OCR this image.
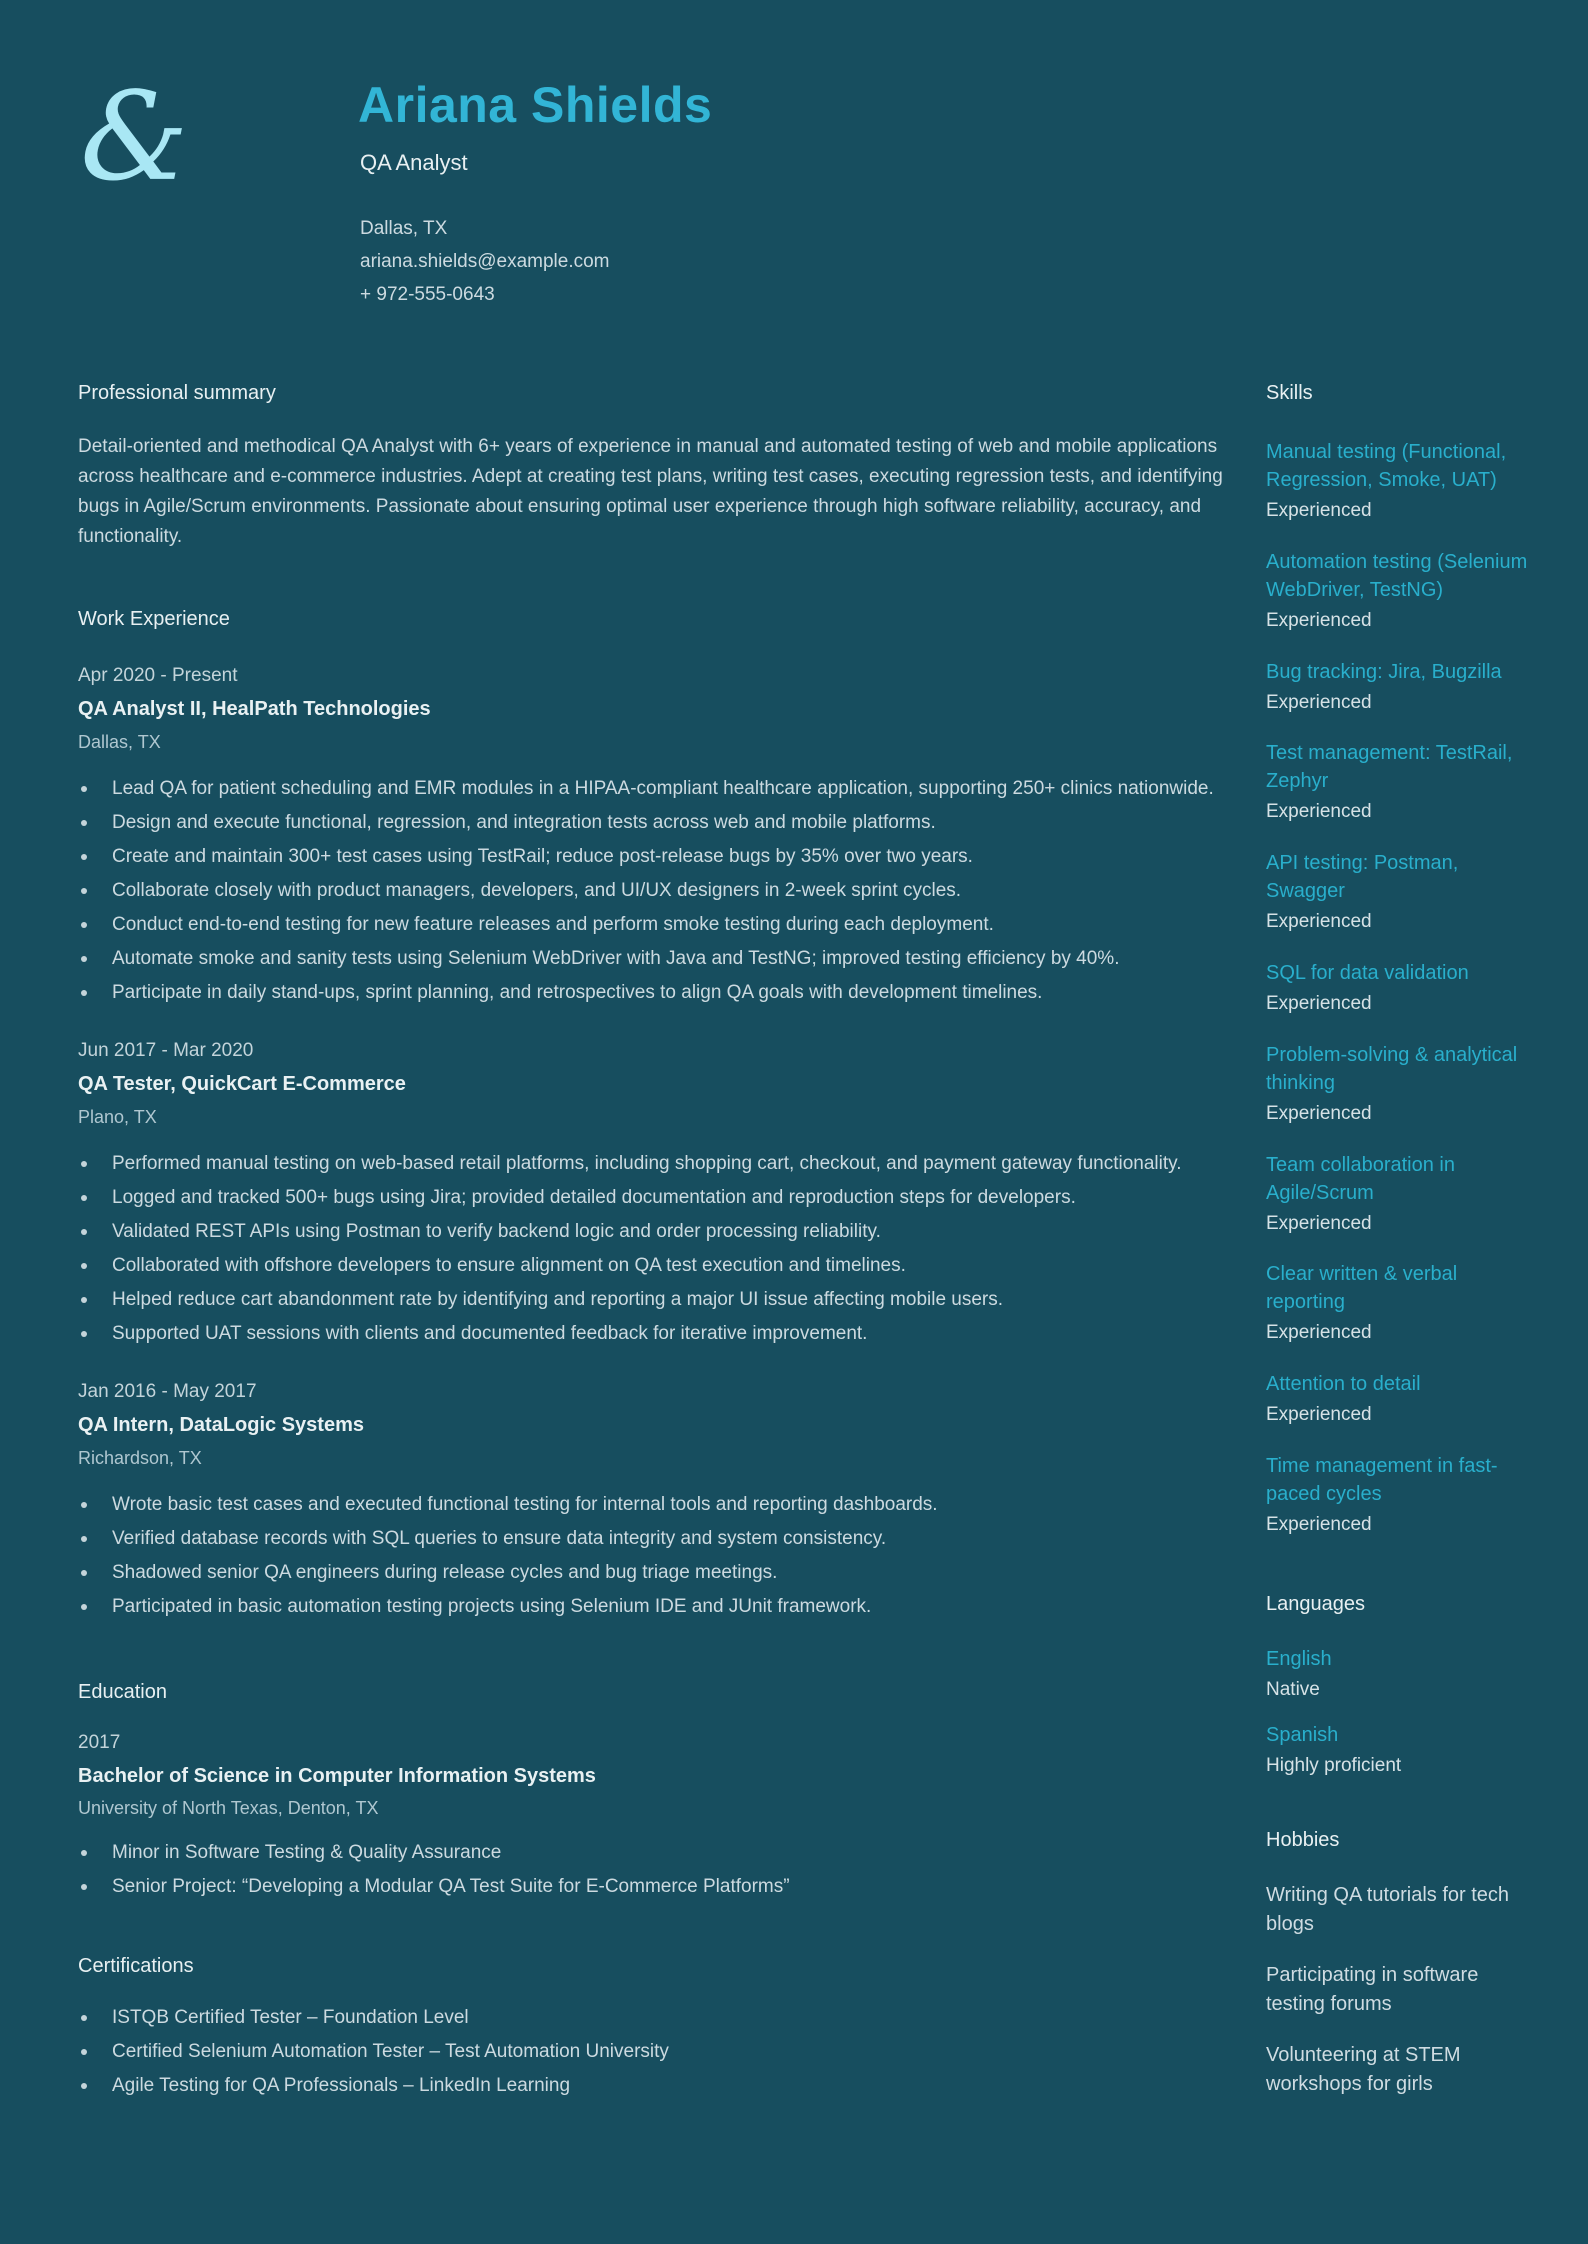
&	Ariana Shields
QA Analyst
Dallas, TX
ariana.shields@example.com
+ 972-555-0643
Professional summary

Detail-oriented and methodical QA Analyst with 6+ years of experience in manual and automated testing of web and mobile applications across healthcare and e-commerce industries. Adept at creating test plans, writing test cases, executing regression tests, and identifying bugs in Agile/Scrum environments. Passionate about ensuring optimal user experience through high software reliability, accuracy, and functionality.

Work Experience
Apr 2020 - Present
QA Analyst II, HealPath Technologies
Dallas, TX
Lead QA for patient scheduling and EMR modules in a HIPAA-compliant healthcare application, supporting 250+ clinics nationwide.
Design and execute functional, regression, and integration tests across web and mobile platforms.
Create and maintain 300+ test cases using TestRail; reduce post-release bugs by 35% over two years.
Collaborate closely with product managers, developers, and UI/UX designers in 2-week sprint cycles.
Conduct end-to-end testing for new feature releases and perform smoke testing during each deployment.
Automate smoke and sanity tests using Selenium WebDriver with Java and TestNG; improved testing efficiency by 40%.
Participate in daily stand-ups, sprint planning, and retrospectives to align QA goals with development timelines.
Jun 2017 - Mar 2020
QA Tester, QuickCart E-Commerce
Plano, TX
Performed manual testing on web-based retail platforms, including shopping cart, checkout, and payment gateway functionality.
Logged and tracked 500+ bugs using Jira; provided detailed documentation and reproduction steps for developers.
Validated REST APIs using Postman to verify backend logic and order processing reliability.
Collaborated with offshore developers to ensure alignment on QA test execution and timelines.
Helped reduce cart abandonment rate by identifying and reporting a major UI issue affecting mobile users.
Supported UAT sessions with clients and documented feedback for iterative improvement.
Jan 2016 - May 2017
QA Intern, DataLogic Systems
Richardson, TX
Wrote basic test cases and executed functional testing for internal tools and reporting dashboards.
Verified database records with SQL queries to ensure data integrity and system consistency.
Shadowed senior QA engineers during release cycles and bug triage meetings.
Participated in basic automation testing projects using Selenium IDE and JUnit framework.
Education
2017
Bachelor of Science in Computer Information Systems
University of North Texas, Denton, TX
Minor in Software Testing & Quality Assurance
Senior Project: “Developing a Modular QA Test Suite for E-Commerce Platforms”
Certifications
ISTQB Certified Tester – Foundation Level
Certified Selenium Automation Tester – Test Automation University
Agile Testing for QA Professionals – LinkedIn Learning
Skills
Manual testing (Functional, Regression, Smoke, UAT)
Experienced
Automation testing (Selenium WebDriver, TestNG)
Experienced
Bug tracking: Jira, Bugzilla
Experienced
Test management: TestRail, Zephyr
Experienced
API testing: Postman, Swagger
Experienced
SQL for data validation
Experienced
Problem-solving & analytical thinking
Experienced
Team collaboration in Agile/Scrum
Experienced
Clear written & verbal reporting
Experienced
Attention to detail
Experienced
Time management in fast-paced cycles
Experienced
Languages
English
Native
Spanish
Highly proficient
Hobbies
Writing QA tutorials for tech blogs
Participating in software testing forums
Volunteering at STEM workshops for girls
